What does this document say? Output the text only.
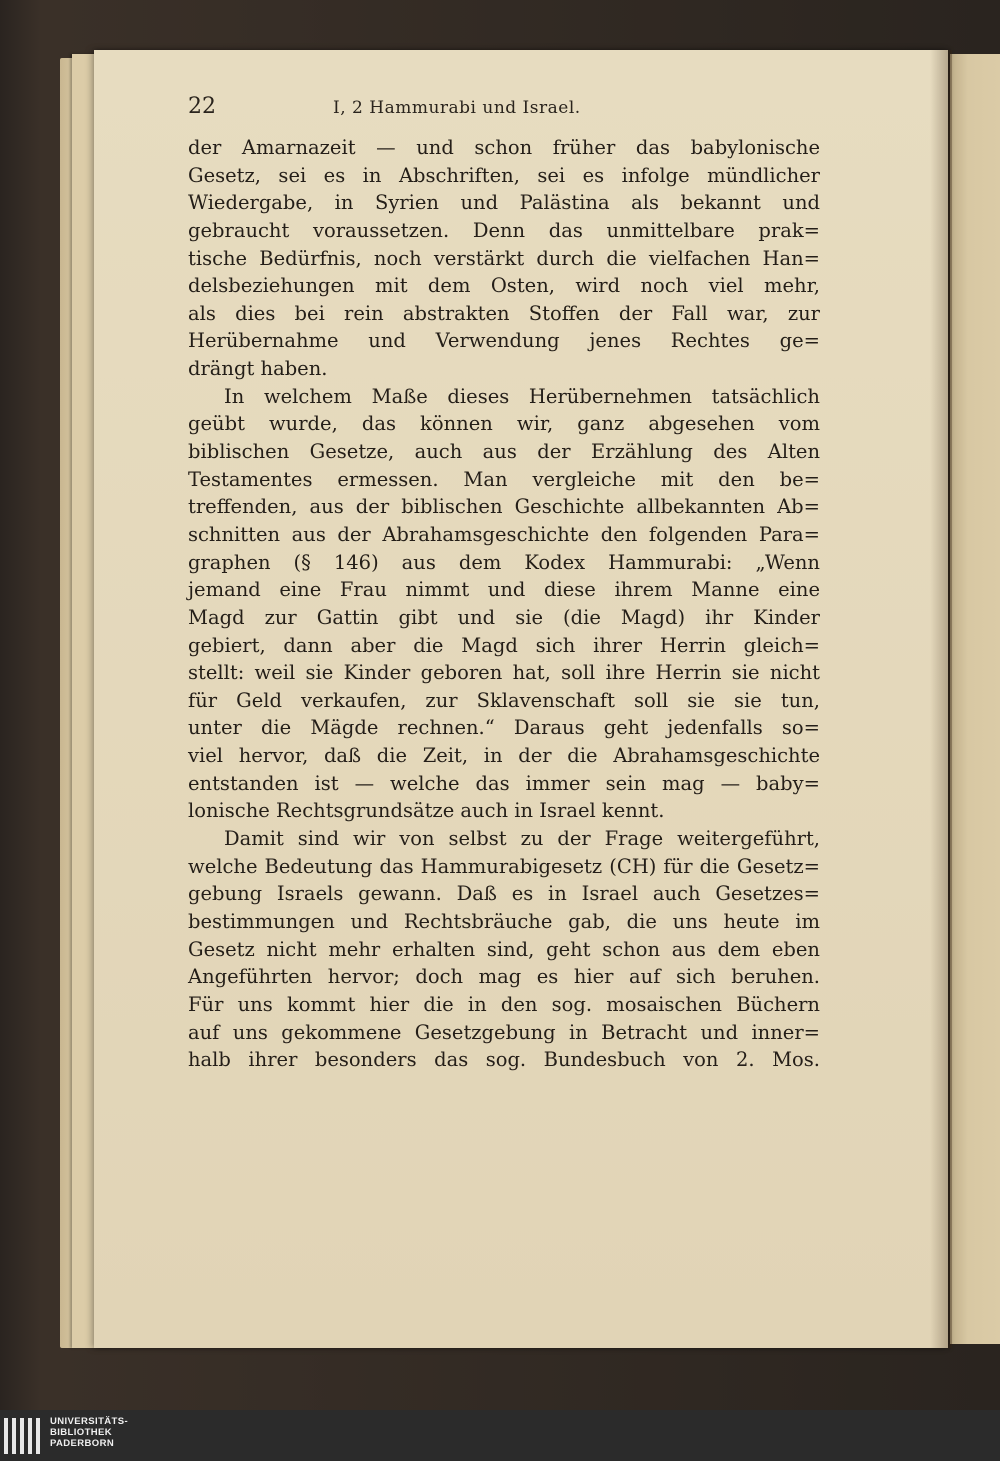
22	I, 2 Hammurabi und Israel.
der Amarnazeit — und schon früher das babylonische
Gesetz, sei es in Abschriften, sei es infolge mündlicher
Wiedergabe, in Syrien und Palästina als bekannt und
gebraucht voraussetzen. Denn das unmittelbare prak=
tische Bedürfnis, noch verstärkt durch die vielfachen Han=
delsbeziehungen mit dem Osten, wird noch viel mehr,
als dies bei rein abstrakten Stoffen der Fall war, zur
Herübernahme und Verwendung jenes Rechtes ge=
drängt haben.
In welchem Maße dieses Herübernehmen tatsächlich
geübt wurde, das können wir, ganz abgesehen vom
biblischen Gesetze, auch aus der Erzählung des Alten
Testamentes ermessen. Man vergleiche mit den be=
treffenden, aus der biblischen Geschichte allbekannten Ab=
schnitten aus der Abrahamsgeschichte den folgenden Para=
graphen (§ 146) aus dem Kodex Hammurabi: „Wenn
jemand eine Frau nimmt und diese ihrem Manne eine
Magd zur Gattin gibt und sie (die Magd) ihr Kinder
gebiert, dann aber die Magd sich ihrer Herrin gleich=
stellt: weil sie Kinder geboren hat, soll ihre Herrin sie nicht
für Geld verkaufen, zur Sklavenschaft soll sie sie tun,
unter die Mägde rechnen.“ Daraus geht jedenfalls so=
viel hervor, daß die Zeit, in der die Abrahamsgeschichte
entstanden ist — welche das immer sein mag — baby=
lonische Rechtsgrundsätze auch in Israel kennt.
Damit sind wir von selbst zu der Frage weitergeführt,
welche Bedeutung das Hammurabigesetz (CH) für die Gesetz=
gebung Israels gewann. Daß es in Israel auch Gesetzes=
bestimmungen und Rechtsbräuche gab, die uns heute im
Gesetz nicht mehr erhalten sind, geht schon aus dem eben
Angeführten hervor; doch mag es hier auf sich beruhen.
Für uns kommt hier die in den sog. mosaischen Büchern
auf uns gekommene Gesetzgebung in Betracht und inner=
halb ihrer besonders das sog. Bundesbuch von 2. Mos.
UNIVERSITÄTS-
BIBLIOTHEK
PADERBORN
